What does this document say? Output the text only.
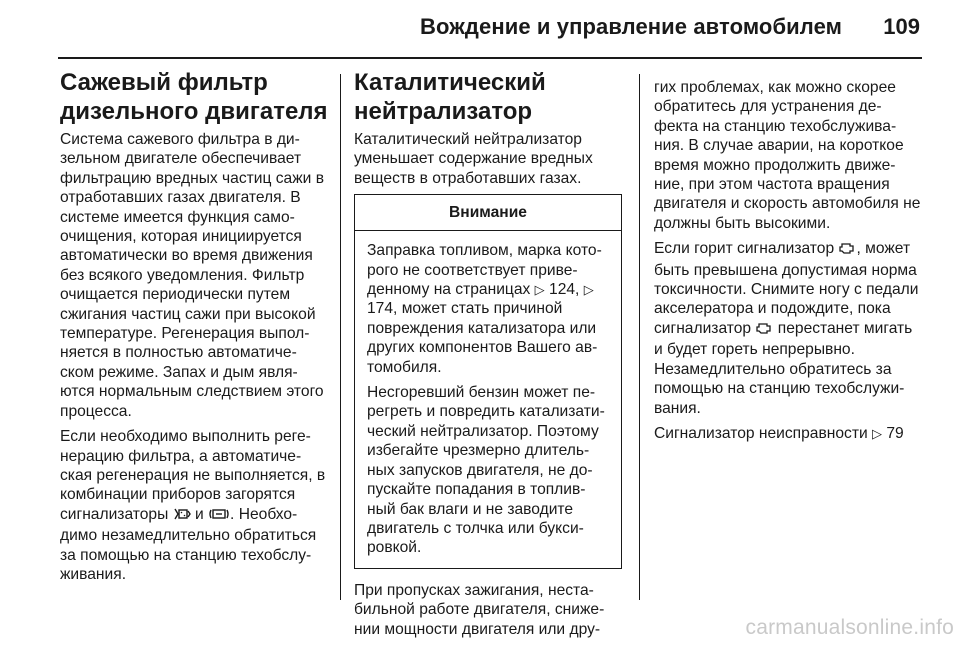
Вождение и управление автомобилем 109
Сажевый фильтр
дизельного двигателя

Система сажевого фильтра в ди-зельном двигателе обеспечивает фильтрацию вредных частиц сажи в отработавших газах двигателя. В системе имеется функция само-очищения, которая инициируется автоматически во время движения без всякого уведомления. Фильтр очищается периодически путем сжигания частиц сажи при высокой температуре. Регенерация выпол-няется в полностью автоматиче-ском режиме. Запах и дым явля-ются нормальным следствием этого процесса.

Если необходимо выполнить реге-нерацию фильтра, а автоматиче-ская регенерация не выполняется, в комбинации приборов загорятся сигнализаторы и . Необхо-димо незамедлительно обратиться за помощью на станцию техобслу-живания.

Каталитический
нейтрализатор

Каталитический нейтрализатор уменьшает содержание вредных веществ в отработавших газах.

Внимание

Заправка топливом, марка кото-рого не соответствует приве-денному на страницах ▷ 124, ▷ 174, может стать причиной повреждения катализатора или других компонентов Вашего ав-томобиля.

Несгоревший бензин может пе-регреть и повредить катализати-ческий нейтрализатор. Поэтому избегайте чрезмерно длитель-ных запусков двигателя, не до-пускайте попадания в топлив-ный бак влаги и не заводите двигатель с толчка или букси-ровкой.

При пропусках зажигания, неста-бильной работе двигателя, сниже-нии мощности двигателя или дру-

гих проблемах, как можно скорее обратитесь для устранения де-фекта на станцию техобслужива-ния. В случае аварии, на короткое время можно продолжить движе-ние, при этом частота вращения двигателя и скорость автомобиля не должны быть высокими.

Если горит сигнализатор , может быть превышена допустимая норма токсичности. Снимите ногу с педали акселератора и подождите, пока сигнализатор перестанет мигать и будет гореть непрерывно. Незамедлительно обратитесь за помощью на станцию техобслужи-вания.

Сигнализатор неисправности ▷ 79

carmanualsonline.info
